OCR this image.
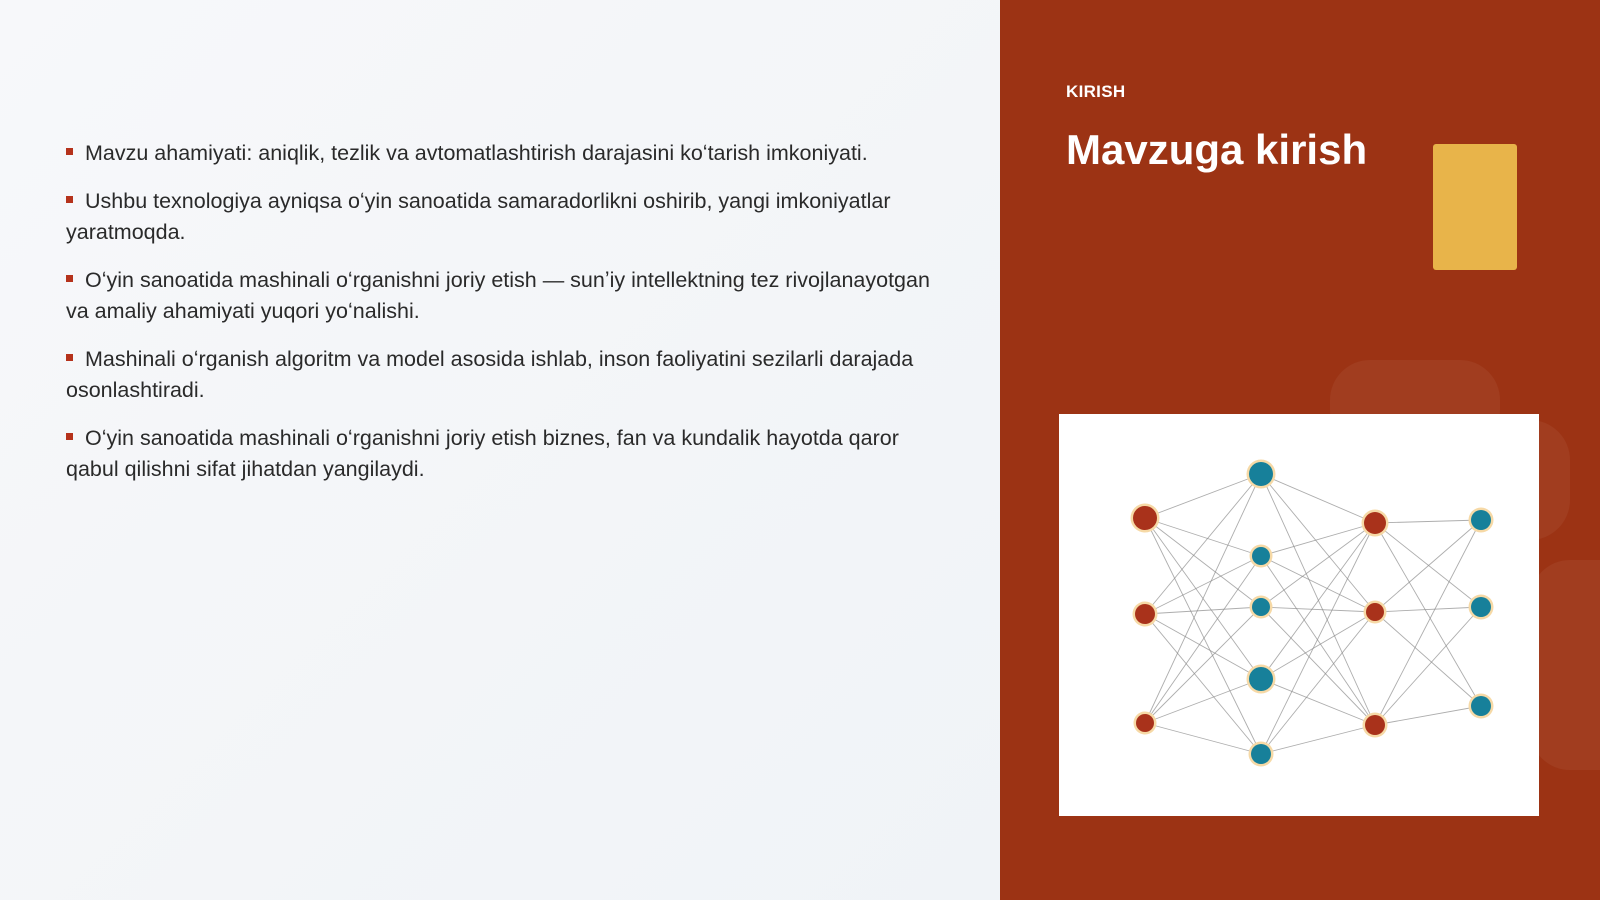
Mavzu ahamiyati: aniqlik, tezlik va avtomatlashtirish darajasini koʻtarish imkoniyati.
Ushbu texnologiya ayniqsa oʻyin sanoatida samaradorlikni oshirib, yangi imkoniyatlar yaratmoqda.
Oʻyin sanoatida mashinali oʻrganishni joriy etish — sunʼiy intellektning tez rivojlanayotgan va amaliy ahamiyati yuqori yoʻnalishi.
Mashinali oʻrganish algoritm va model asosida ishlab, inson faoliyatini sezilarli darajada osonlashtiradi.
Oʻyin sanoatida mashinali oʻrganishni joriy etish biznes, fan va kundalik hayotda qaror qabul qilishni sifat jihatdan yangilaydi.
KIRISH
Mavzuga kirish
